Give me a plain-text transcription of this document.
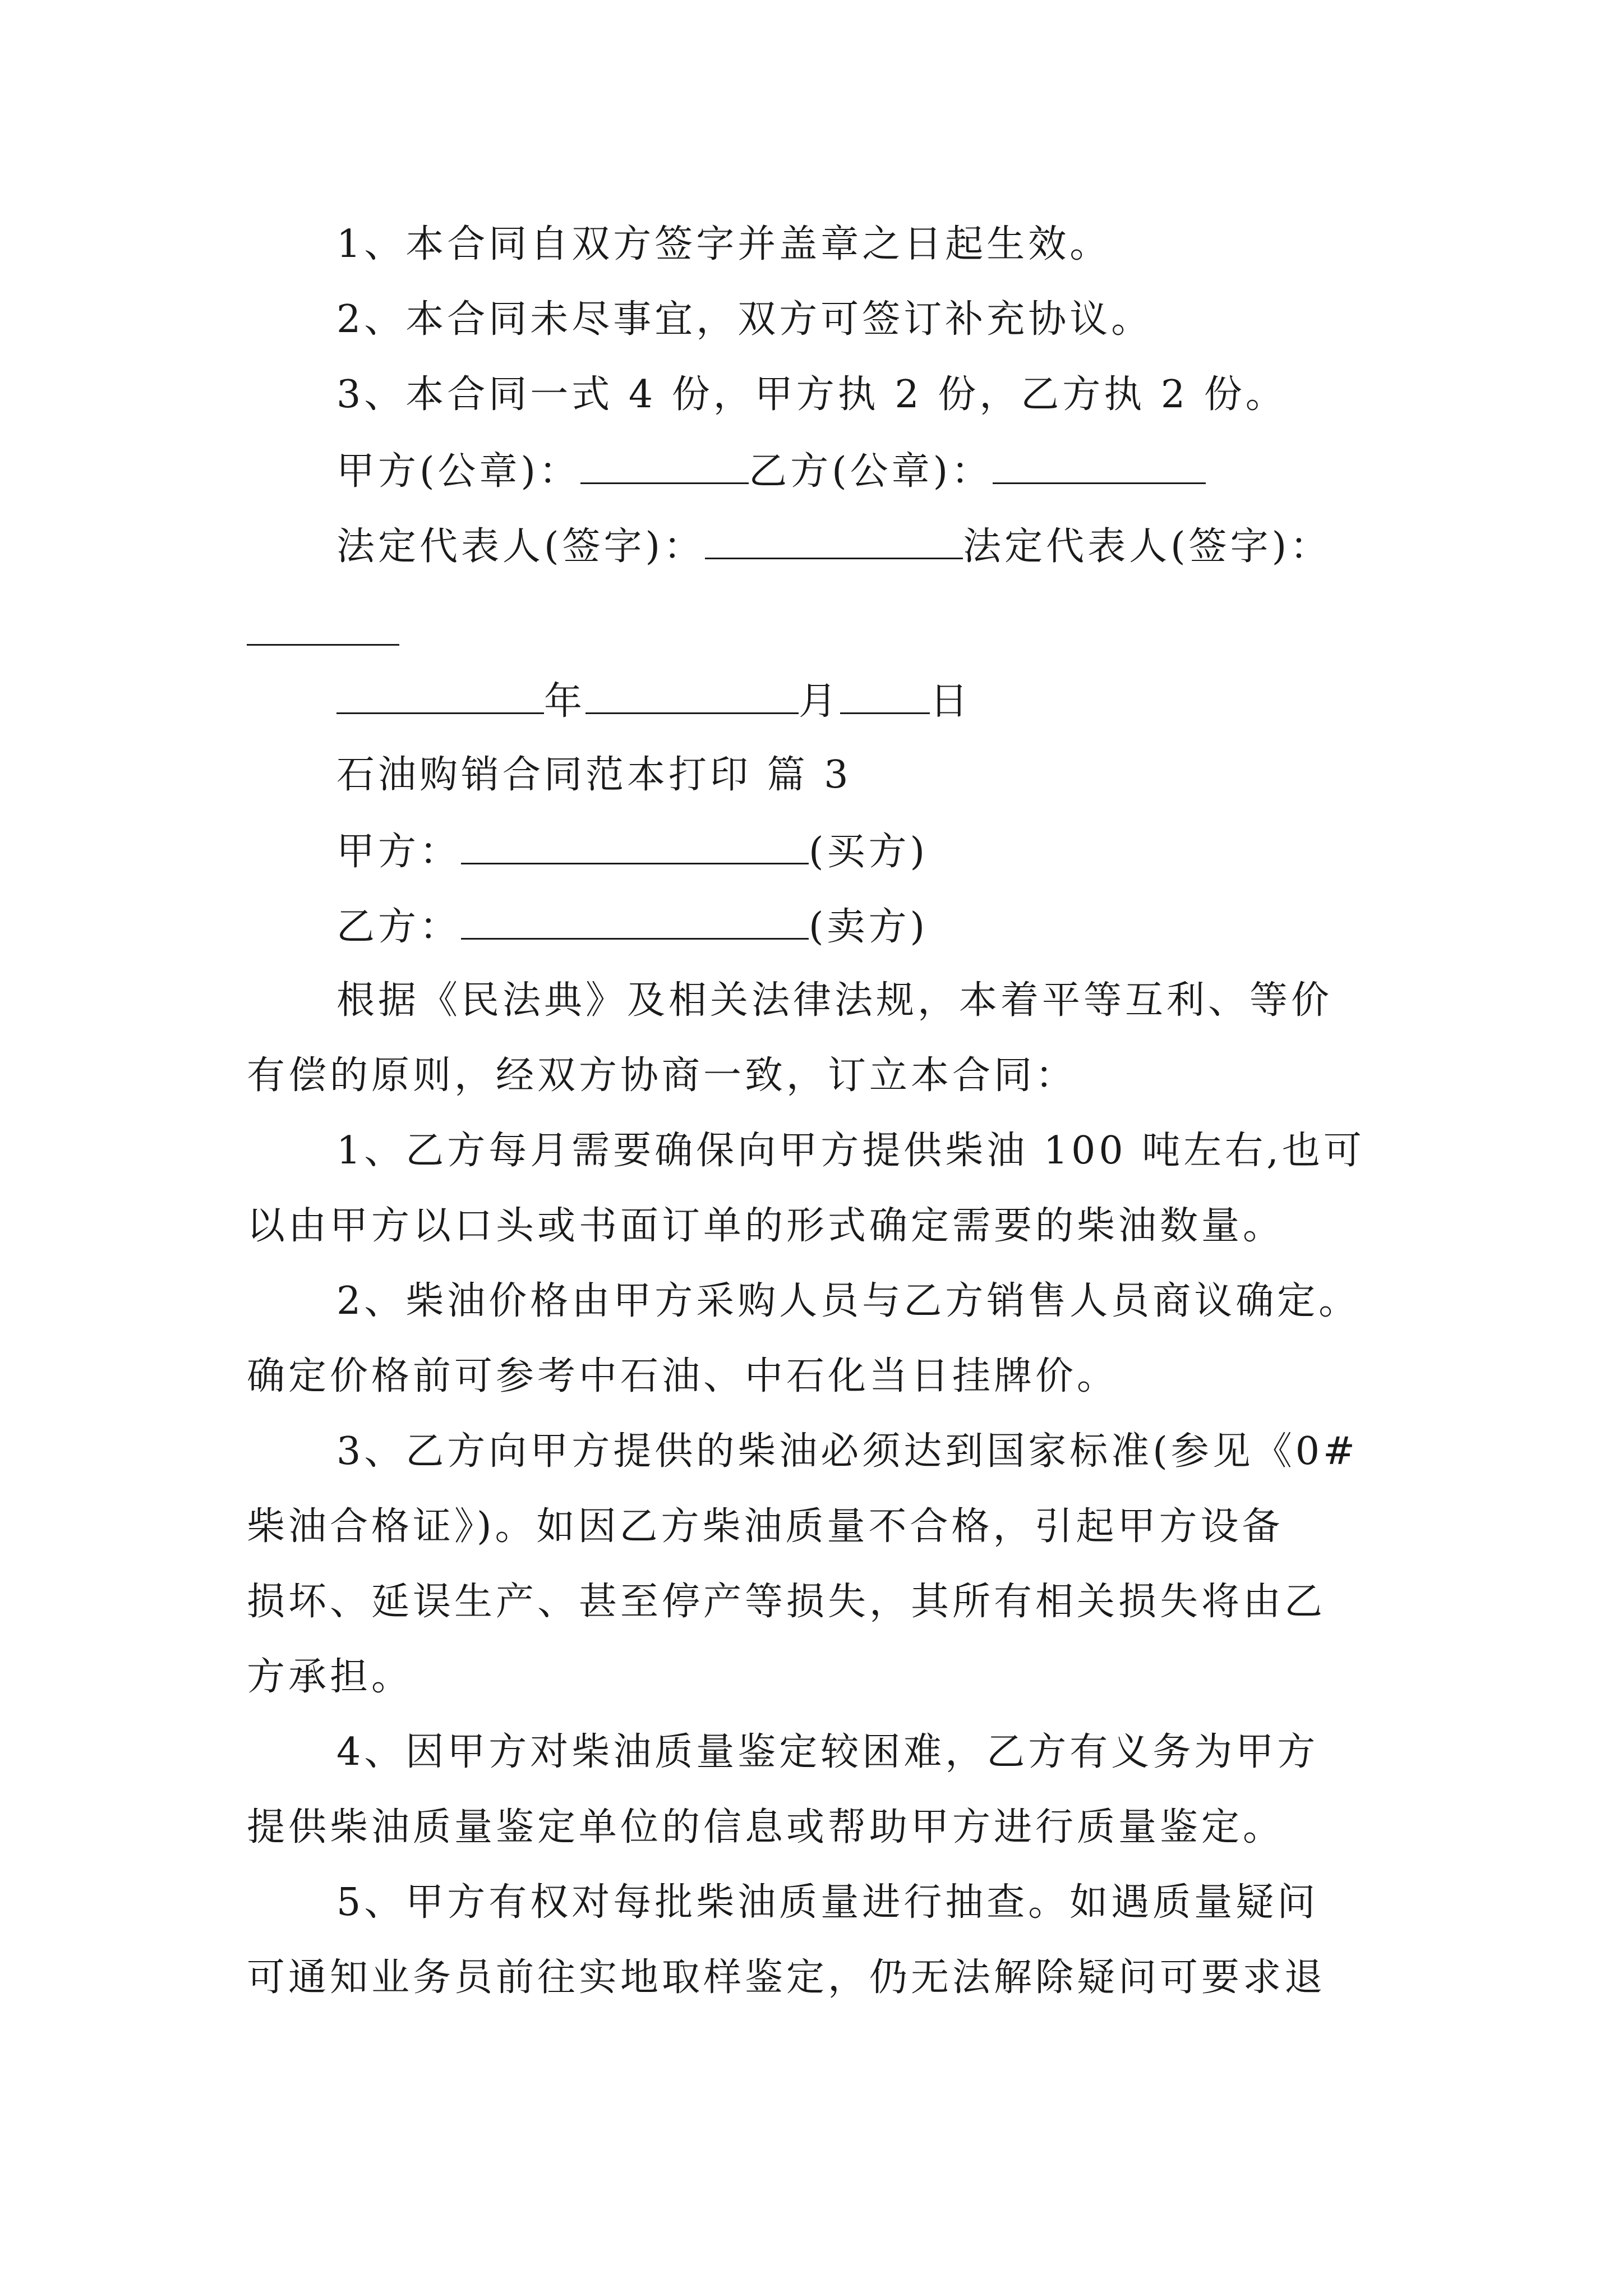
1、本合同自双方签字并盖章之日起生效。

2、本合同未尽事宜，双方可签订补充协议。

3、本合同一式 4 份，甲方执 2 份，乙方执 2 份。

甲方(公章)：	乙方(公章)：

法定代表人(签字)：	法定代表人(签字)：

年	月 日

石油购销合同范本打印 篇 3

甲方：	(买方)

乙方：	(卖方)

根据《民法典》及相关法律法规，本着平等互利、等价

有偿的原则，经双方协商一致，订立本合同：

1、乙方每月需要确保向甲方提供柴油 100 吨左右,也可

以由甲方以口头或书面订单的形式确定需要的柴油数量。

2、柴油价格由甲方采购人员与乙方销售人员商议确定。

确定价格前可参考中石油、中石化当日挂牌价。

3、乙方向甲方提供的柴油必须达到国家标准(参见《0#

柴油合格证》)。如因乙方柴油质量不合格，引起甲方设备

损坏、延误生产、甚至停产等损失，其所有相关损失将由乙

方承担。

4、因甲方对柴油质量鉴定较困难，乙方有义务为甲方

提供柴油质量鉴定单位的信息或帮助甲方进行质量鉴定。

5、甲方有权对每批柴油质量进行抽查。如遇质量疑问

可通知业务员前往实地取样鉴定，仍无法解除疑问可要求退
